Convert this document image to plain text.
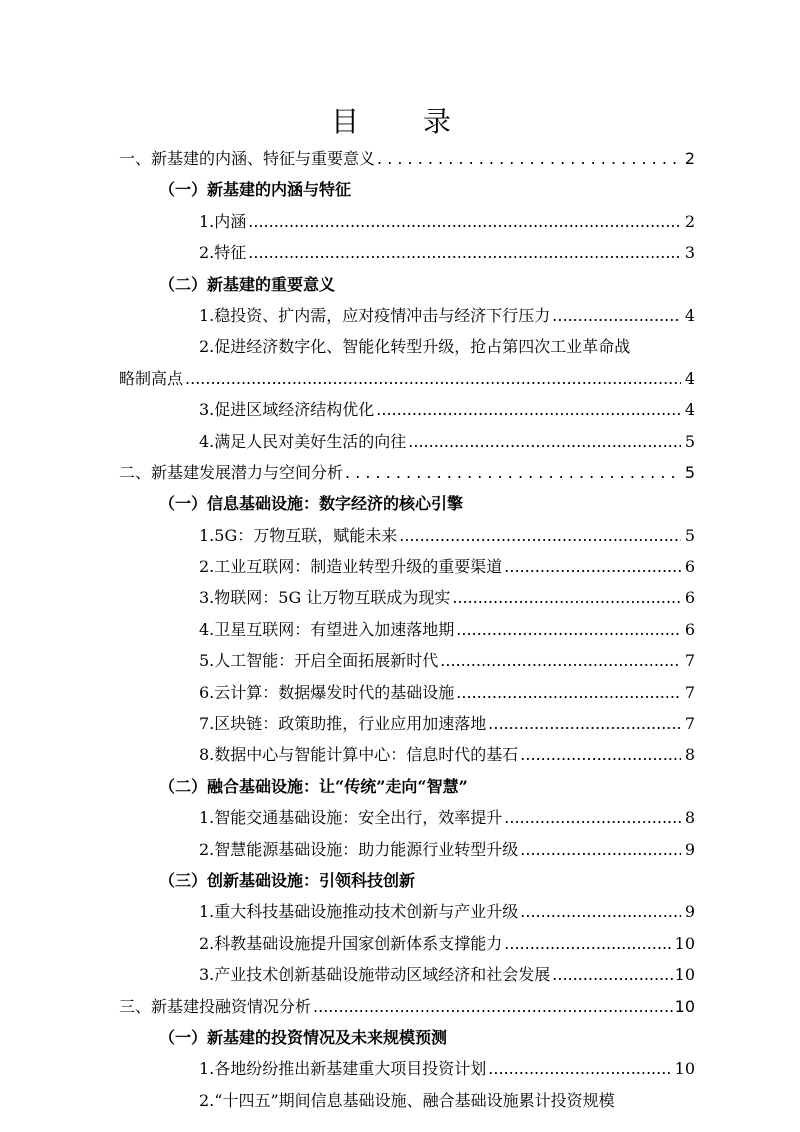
目　录
一、新基建的内涵、特征与重要意义 . . .	2
（一）新基建的内涵与特征
1.内涵 .....	2
2.特征 .....	3
（二）新基建的重要意义
1.稳投资、扩内需，应对疫情冲击与经济下行压力 .....	4
2.促进经济数字化、智能化转型升级，抢占第四次工业革命战
略制高点 .....	4
3.促进区域经济结构优化 .....	4
4.满足人民对美好生活的向往 .....	5
二、新基建发展潜力与空间分析 . . .	5
（一）信息基础设施：数字经济的核心引擎
1.5G：万物互联，赋能未来 .....	5
2.工业互联网：制造业转型升级的重要渠道 .....	6
3.物联网：5G 让万物互联成为现实 .....	6
4.卫星互联网：有望进入加速落地期 .....	6
5.人工智能：开启全面拓展新时代 .....	7
6.云计算：数据爆发时代的基础设施 .....	7
7.区块链：政策助推，行业应用加速落地 .....	7
8.数据中心与智能计算中心：信息时代的基石 .....	8
（二）融合基础设施：让“传统”走向“智慧”
1.智能交通基础设施：安全出行，效率提升 .....	8
2.智慧能源基础设施：助力能源行业转型升级 .....	9
（三）创新基础设施：引领科技创新
1.重大科技基础设施推动技术创新与产业升级 .....	9
2.科教基础设施提升国家创新体系支撑能力 .....	10
3.产业技术创新基础设施带动区域经济和社会发展 .....	10
三、新基建投融资情况分析 .....	10
（一）新基建的投资情况及未来规模预测
1.各地纷纷推出新基建重大项目投资计划 .....	10
2.“十四五”期间信息基础设施、融合基础设施累计投资规模
